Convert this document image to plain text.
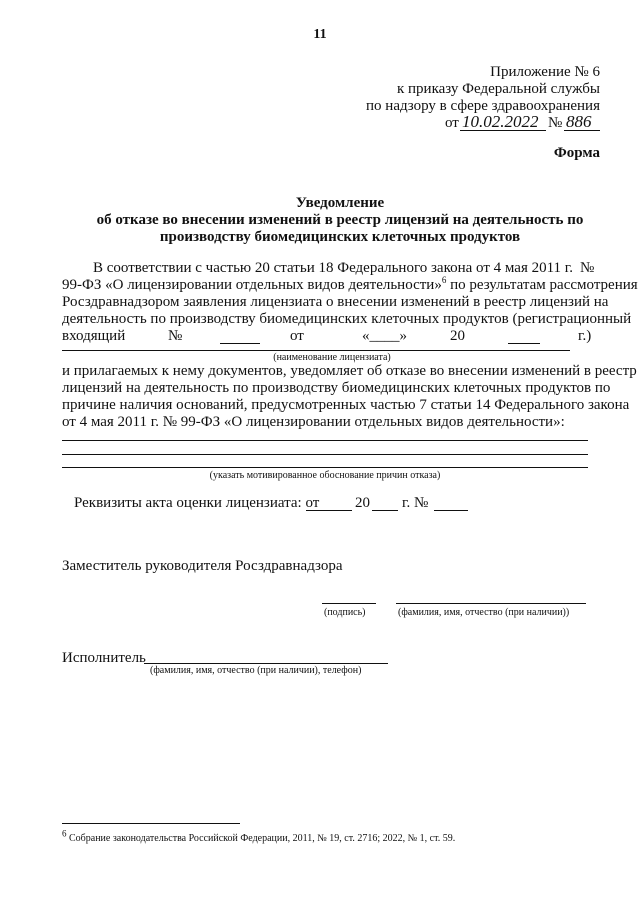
11
Приложение № 6
к приказу Федеральной службы
по надзору в сфере здравоохранения
от 10.02.2022 № 886
Форма
Уведомление
об отказе во внесении изменений в реестр лицензий на деятельность по
производству биомедицинских клеточных продуктов
В соответствии с частью 20 статьи 18 Федерального закона от 4 мая 2011 г. №
99-ФЗ «О лицензировании отдельных видов деятельности»$^6$ по результатам рассмотрения
Росздравнадзором заявления лицензиата о внесении изменений в реестр лицензий на
деятельность по производству биомедицинских клеточных продуктов (регистрационный
входящий	№	от	«____»	20	г.)
(наименование лицензиата)
и прилагаемых к нему документов, уведомляет об отказе во внесении изменений в реестр
лицензий на деятельность по производству биомедицинских клеточных продуктов по
причине наличия оснований, предусмотренных частью 7 статьи 14 Федерального закона
от 4 мая 2011 г. № 99-ФЗ «О лицензировании отдельных видов деятельности»:
(указать мотивированное обоснование причин отказа)
Реквизиты акта оценки лицензиата: от 20 г. №
Заместитель руководителя Росздравнадзора
(подпись)	(фамилия, имя, отчество (при наличии))
Исполнитель
(фамилия, имя, отчество (при наличии), телефон)
$^6$ Собрание законодательства Российской Федерации, 2011, № 19, ст. 2716; 2022, № 1, ст. 59.
